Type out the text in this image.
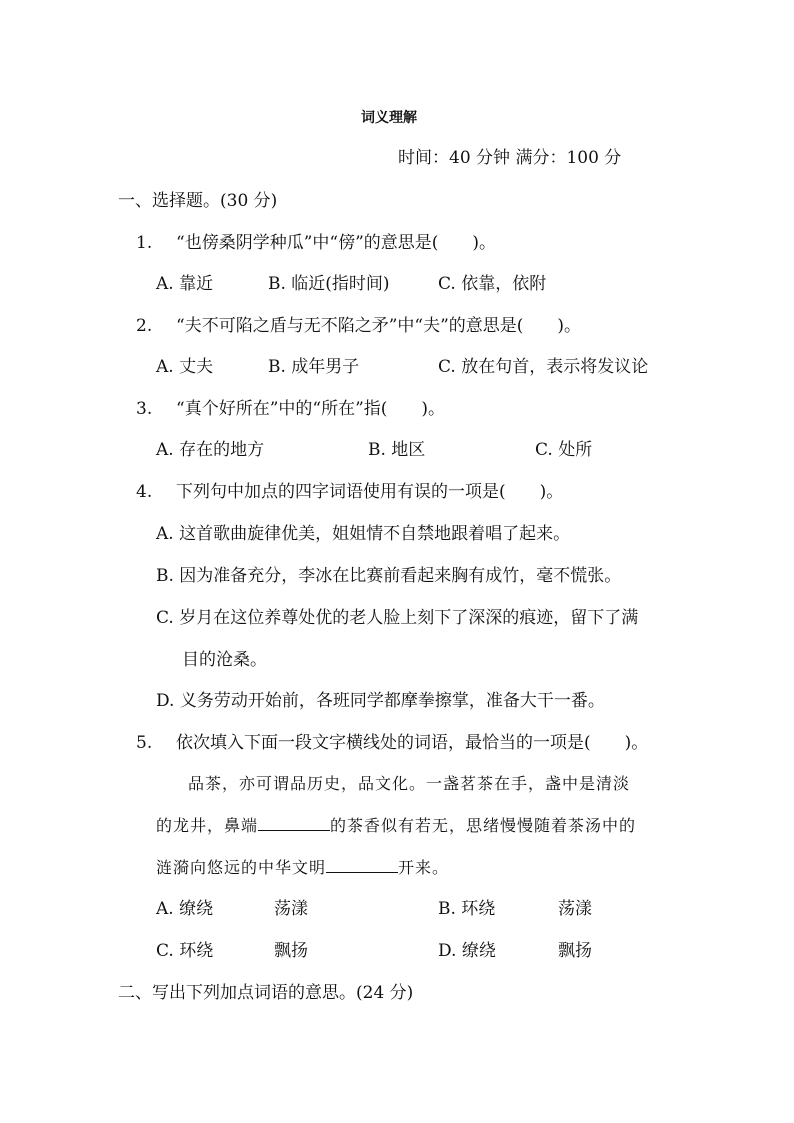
词义理解
时间：40 分钟 满分：100 分
一、选择题。(30 分)
1. “也傍桑阴学种瓜”中“傍”的意思是(　　)。
A. 靠近	B. 临近(指时间)	C. 依靠，依附
2. “夫不可陷之盾与无不陷之矛”中“夫”的意思是(　　)。
A. 丈夫	B. 成年男子	C. 放在句首，表示将发议论
3. “真个好所在”中的“所在”指(　　)。
A. 存在的地方	B. 地区	C. 处所
4. 下列句中加点的四字词语使用有误的一项是(　　)。
A. 这首歌曲旋律优美，姐姐情不自禁地跟着唱了起来。
B. 因为准备充分，李冰在比赛前看起来胸有成竹，毫不慌张。
C. 岁月在这位养尊处优的老人脸上刻下了深深的痕迹，留下了满
目的沧桑。
D. 义务劳动开始前，各班同学都摩拳擦掌，准备大干一番。
5. 依次填入下面一段文字横线处的词语，最恰当的一项是(　　)。
品茶，亦可谓品历史，品文化。一盏茗茶在手，盏中是清淡
的龙井，鼻端	的茶香似有若无，思绪慢慢随着茶汤中的
涟漪向悠远的中华文明	开来。
A. 缭绕	荡漾	B. 环绕	荡漾
C. 环绕	飘扬	D. 缭绕	飘扬
二、写出下列加点词语的意思。(24 分)
